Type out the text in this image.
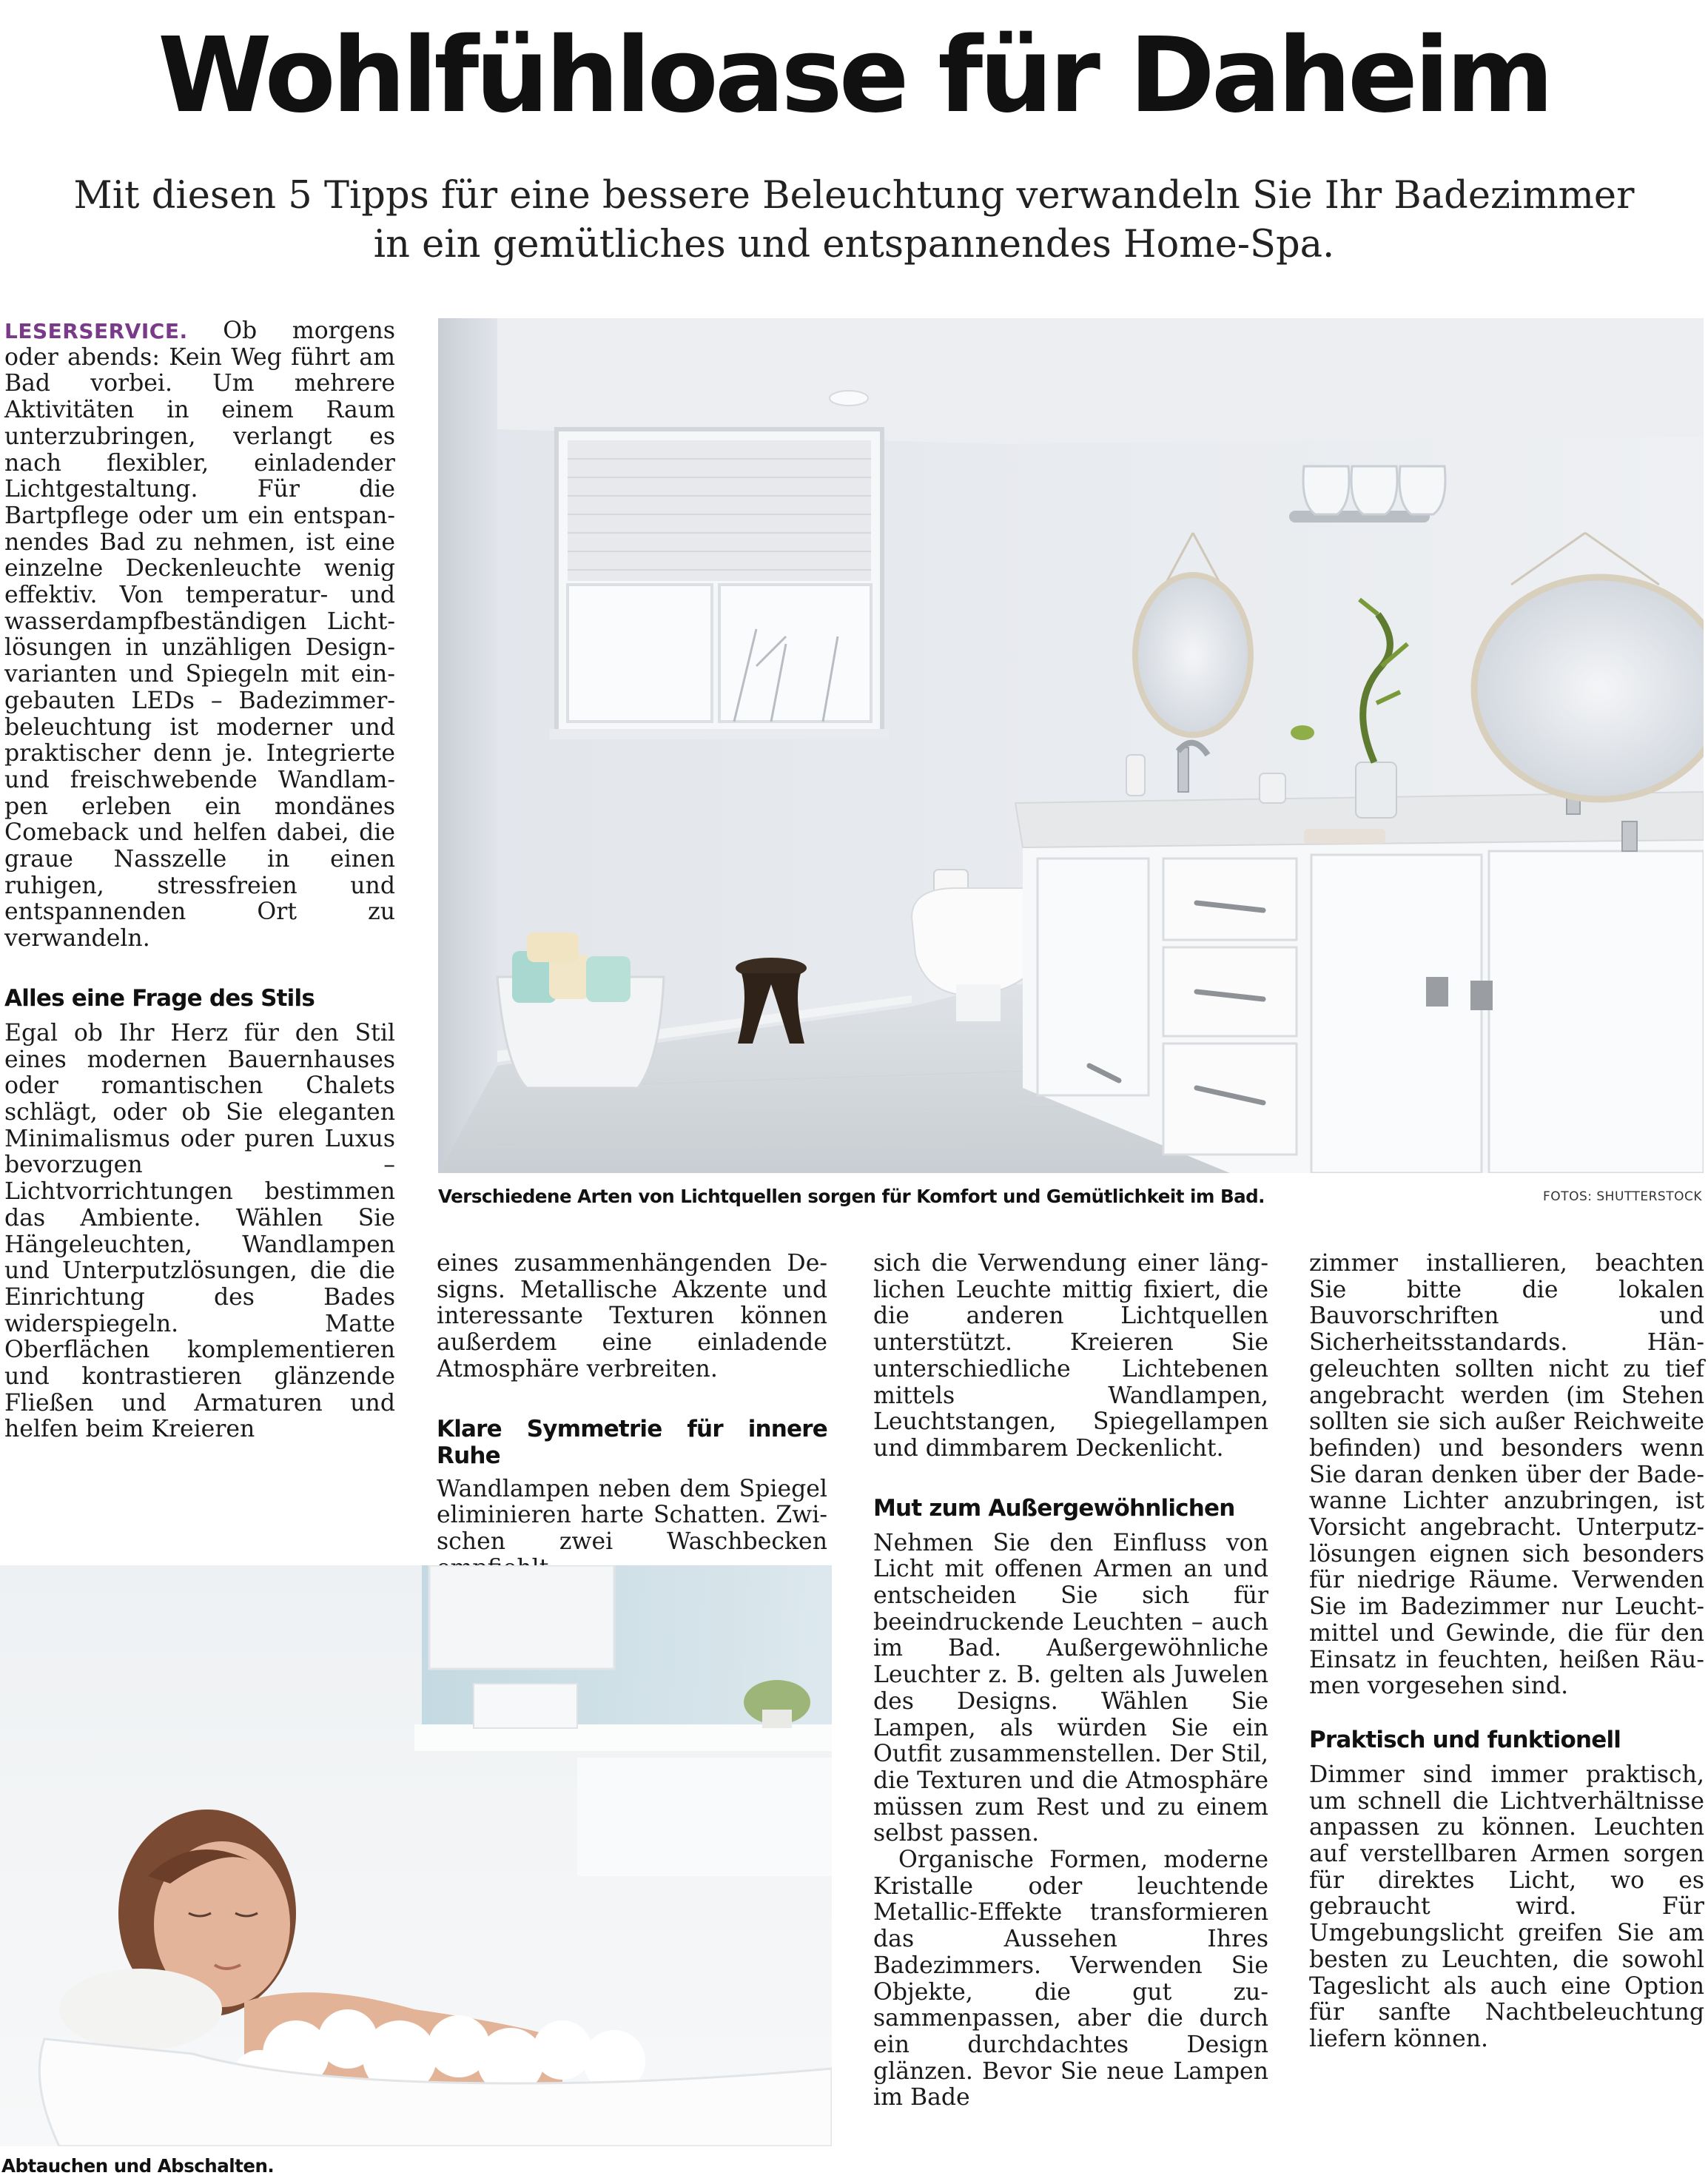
Wohlfühloase für Daheim
Mit diesen 5 Tipps für eine bessere Beleuchtung verwandeln Sie Ihr Badezimmer
in ein gemütliches und entspannendes Home-Spa.

LESERSERVICE. Ob morgens oder abends: Kein Weg führt am Bad vorbei. Um mehrere Aktivitäten in einem Raum unterzubringen, verlangt es nach flexibler, einladender Lichtgestaltung. Für die Bartpflege oder um ein entspannendes Bad zu nehmen, ist eine einzelne Deckenleuchte wenig effektiv. Von temperatur- und wasserdampfbeständigen Lichtlösungen in unzähligen Designvarianten und Spiegeln mit eingebauten LEDs – Badezimmerbeleuchtung ist moderner und praktischer denn je. Integrierte und freischwebende Wandlampen erleben ein mondänes Comeback und helfen dabei, die graue Nasszelle in einen ruhigen, stressfreien und entspannenden Ort zu verwandeln.

Alles eine Frage des Stils

Egal ob Ihr Herz für den Stil eines modernen Bauernhauses oder romantischen Chalets schlägt, oder ob Sie eleganten Minimalismus oder puren Luxus bevorzugen – Lichtvorrichtungen bestimmen das Ambiente. Wählen Sie Hängeleuchten, Wandlampen und Unterputzlösungen, die die Einrichtung des Bades widerspiegeln. Matte Oberflächen komplementieren und kontrastieren glänzende Fließen und Armaturen und helfen beim Kreieren

eines zusammenhängenden Designs. Metallische Akzente und interessante Texturen können außerdem eine einladende Atmosphäre verbreiten.

Klare Symmetrie für innere Ruhe

Wandlampen neben dem Spiegel eliminieren harte Schatten. Zwischen zwei Waschbecken

sich die Verwendung einer länglichen Leuchte mittig fixiert, die die anderen Lichtquellen unterstützt. Kreieren Sie unterschiedliche Lichtebenen mittels Wandlampen, Leuchtstangen, Spiegellampen und dimmbarem Deckenlicht.

Mut zum Außergewöhnlichen

Nehmen Sie den Einfluss von Licht mit offenen Armen an und entscheiden Sie sich für beeindruckende Leuchten – auch im Bad. Außergewöhnliche Leuchter z. B. gelten als Juwelen des Designs. Wählen Sie Lampen, als würden Sie ein Outfit zusammenstellen. Der Stil, die Texturen und die Atmosphäre müssen zum Rest und zu einem selbst passen.

Organische Formen, moderne Kristalle oder leuchtende Metallic-Effekte transformieren das Aussehen Ihres Badezimmers. Verwenden Sie Objekte, die gut zusammenpassen, aber die durch ein durchdachtes Design glänzen. Bevor Sie neue Lampen im Bade

zimmer installieren, beachten Sie bitte die lokalen Bauvorschriften und Sicherheitsstandards. Hängeleuchten sollten nicht zu tief angebracht werden (im Stehen sollten sie sich außer Reichweite befinden) und besonders wenn Sie daran denken über der Badewanne Lichter anzubringen, ist Vorsicht angebracht. Unterputzlösungen eignen sich besonders für niedrige Räume. Verwenden Sie im Badezimmer nur Leuchtmittel und Gewinde, die für den Einsatz in feuchten, heißen Räumen vorgesehen sind.

Praktisch und funktionell

Dimmer sind immer praktisch, um schnell die Lichtverhältnisse anpassen zu können. Leuchten auf verstellbaren Armen sorgen für direktes Licht, wo es gebraucht wird. Für Umgebungslicht greifen Sie am besten zu Leuchten, die sowohl Tageslicht als auch eine Option für sanfte Nachtbeleuchtung liefern können.

Verschiedene Arten von Lichtquellen sorgen für Komfort und Gemütlichkeit im Bad.	FOTOS: SHUTTERSTOCK
Abtauchen und Abschalten.
